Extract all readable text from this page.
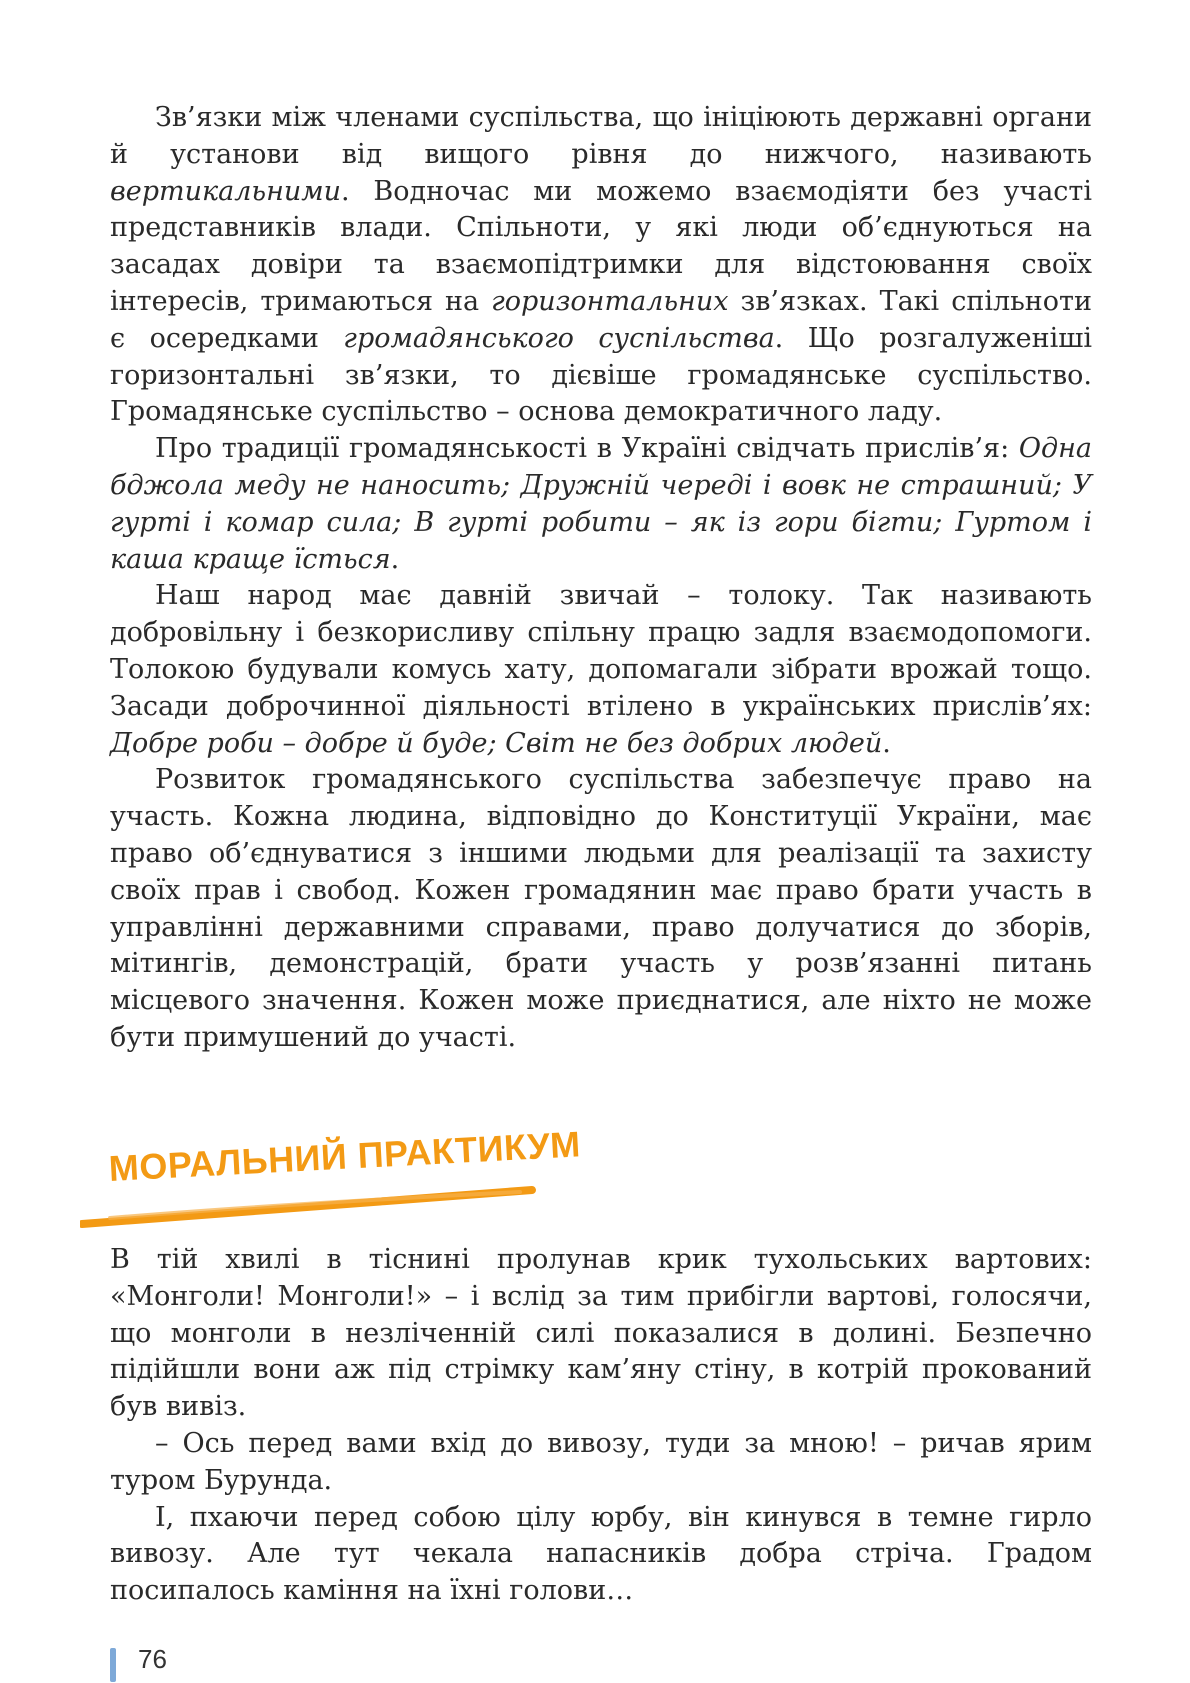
Зв’язки між членами суспільства, що ініціюють державні органи й установи від вищого рівня до нижчого, називають вертикальними. Водночас ми можемо взаємодіяти без участі представників влади. Спільноти, у які люди об’єднуються на засадах довіри та взаємопідтримки для відстоювання своїх інтересів, тримаються на горизонтальних зв’язках. Такі спільноти є осередками громадянського суспільства. Що розгалуженіші горизонтальні зв’язки, то дієвіше громадянське суспільство. Громадянське суспільство – основа демократичного ладу.

Про традиції громадянськості в Україні свідчать прислів’я: Одна бджола меду не наносить; Дружній череді і вовк не страшний; У гурті і комар сила; В гурті робити – як із гори бігти; Гуртом і каша краще їсться.

Наш народ має давній звичай – толоку. Так називають добровільну і безкорисливу спільну працю задля взаємодопомоги. Толокою будували комусь хату, допомагали зібрати врожай тощо. Засади доброчинної діяльності втілено в українських прислів’ях: Добре роби – добре й буде; Світ не без добрих людей.

Розвиток громадянського суспільства забезпечує право на участь. Кожна людина, відповідно до Конституції України, має право об’єднуватися з іншими людьми для реалізації та захисту своїх прав і свобод. Кожен громадянин має право брати участь в управлінні державними справами, право долучатися до зборів, мітингів, демонстрацій, брати участь у розв’язанні питань місцевого значення. Кожен може приєднатися, але ніхто не може бути примушений до участі.

МОРАЛЬНИЙ ПРАКТИКУМ

В тій хвилі в тіснині пролунав крик тухольських вартових: «Монголи! Монголи!» – і вслід за тим прибігли вартові, голосячи, що монголи в незліченній силі показалися в долині. Безпечно підійшли вони аж під стрімку кам’яну стіну, в котрій прокований був вивіз.

– Ось перед вами вхід до вивозу, туди за мною! – ричав ярим туром Бурунда.

І, пхаючи перед собою цілу юрбу, він кинувся в темне гирло вивозу. Але тут чекала напасників добра стріча. Градом посипалось каміння на їхні голови…

76
